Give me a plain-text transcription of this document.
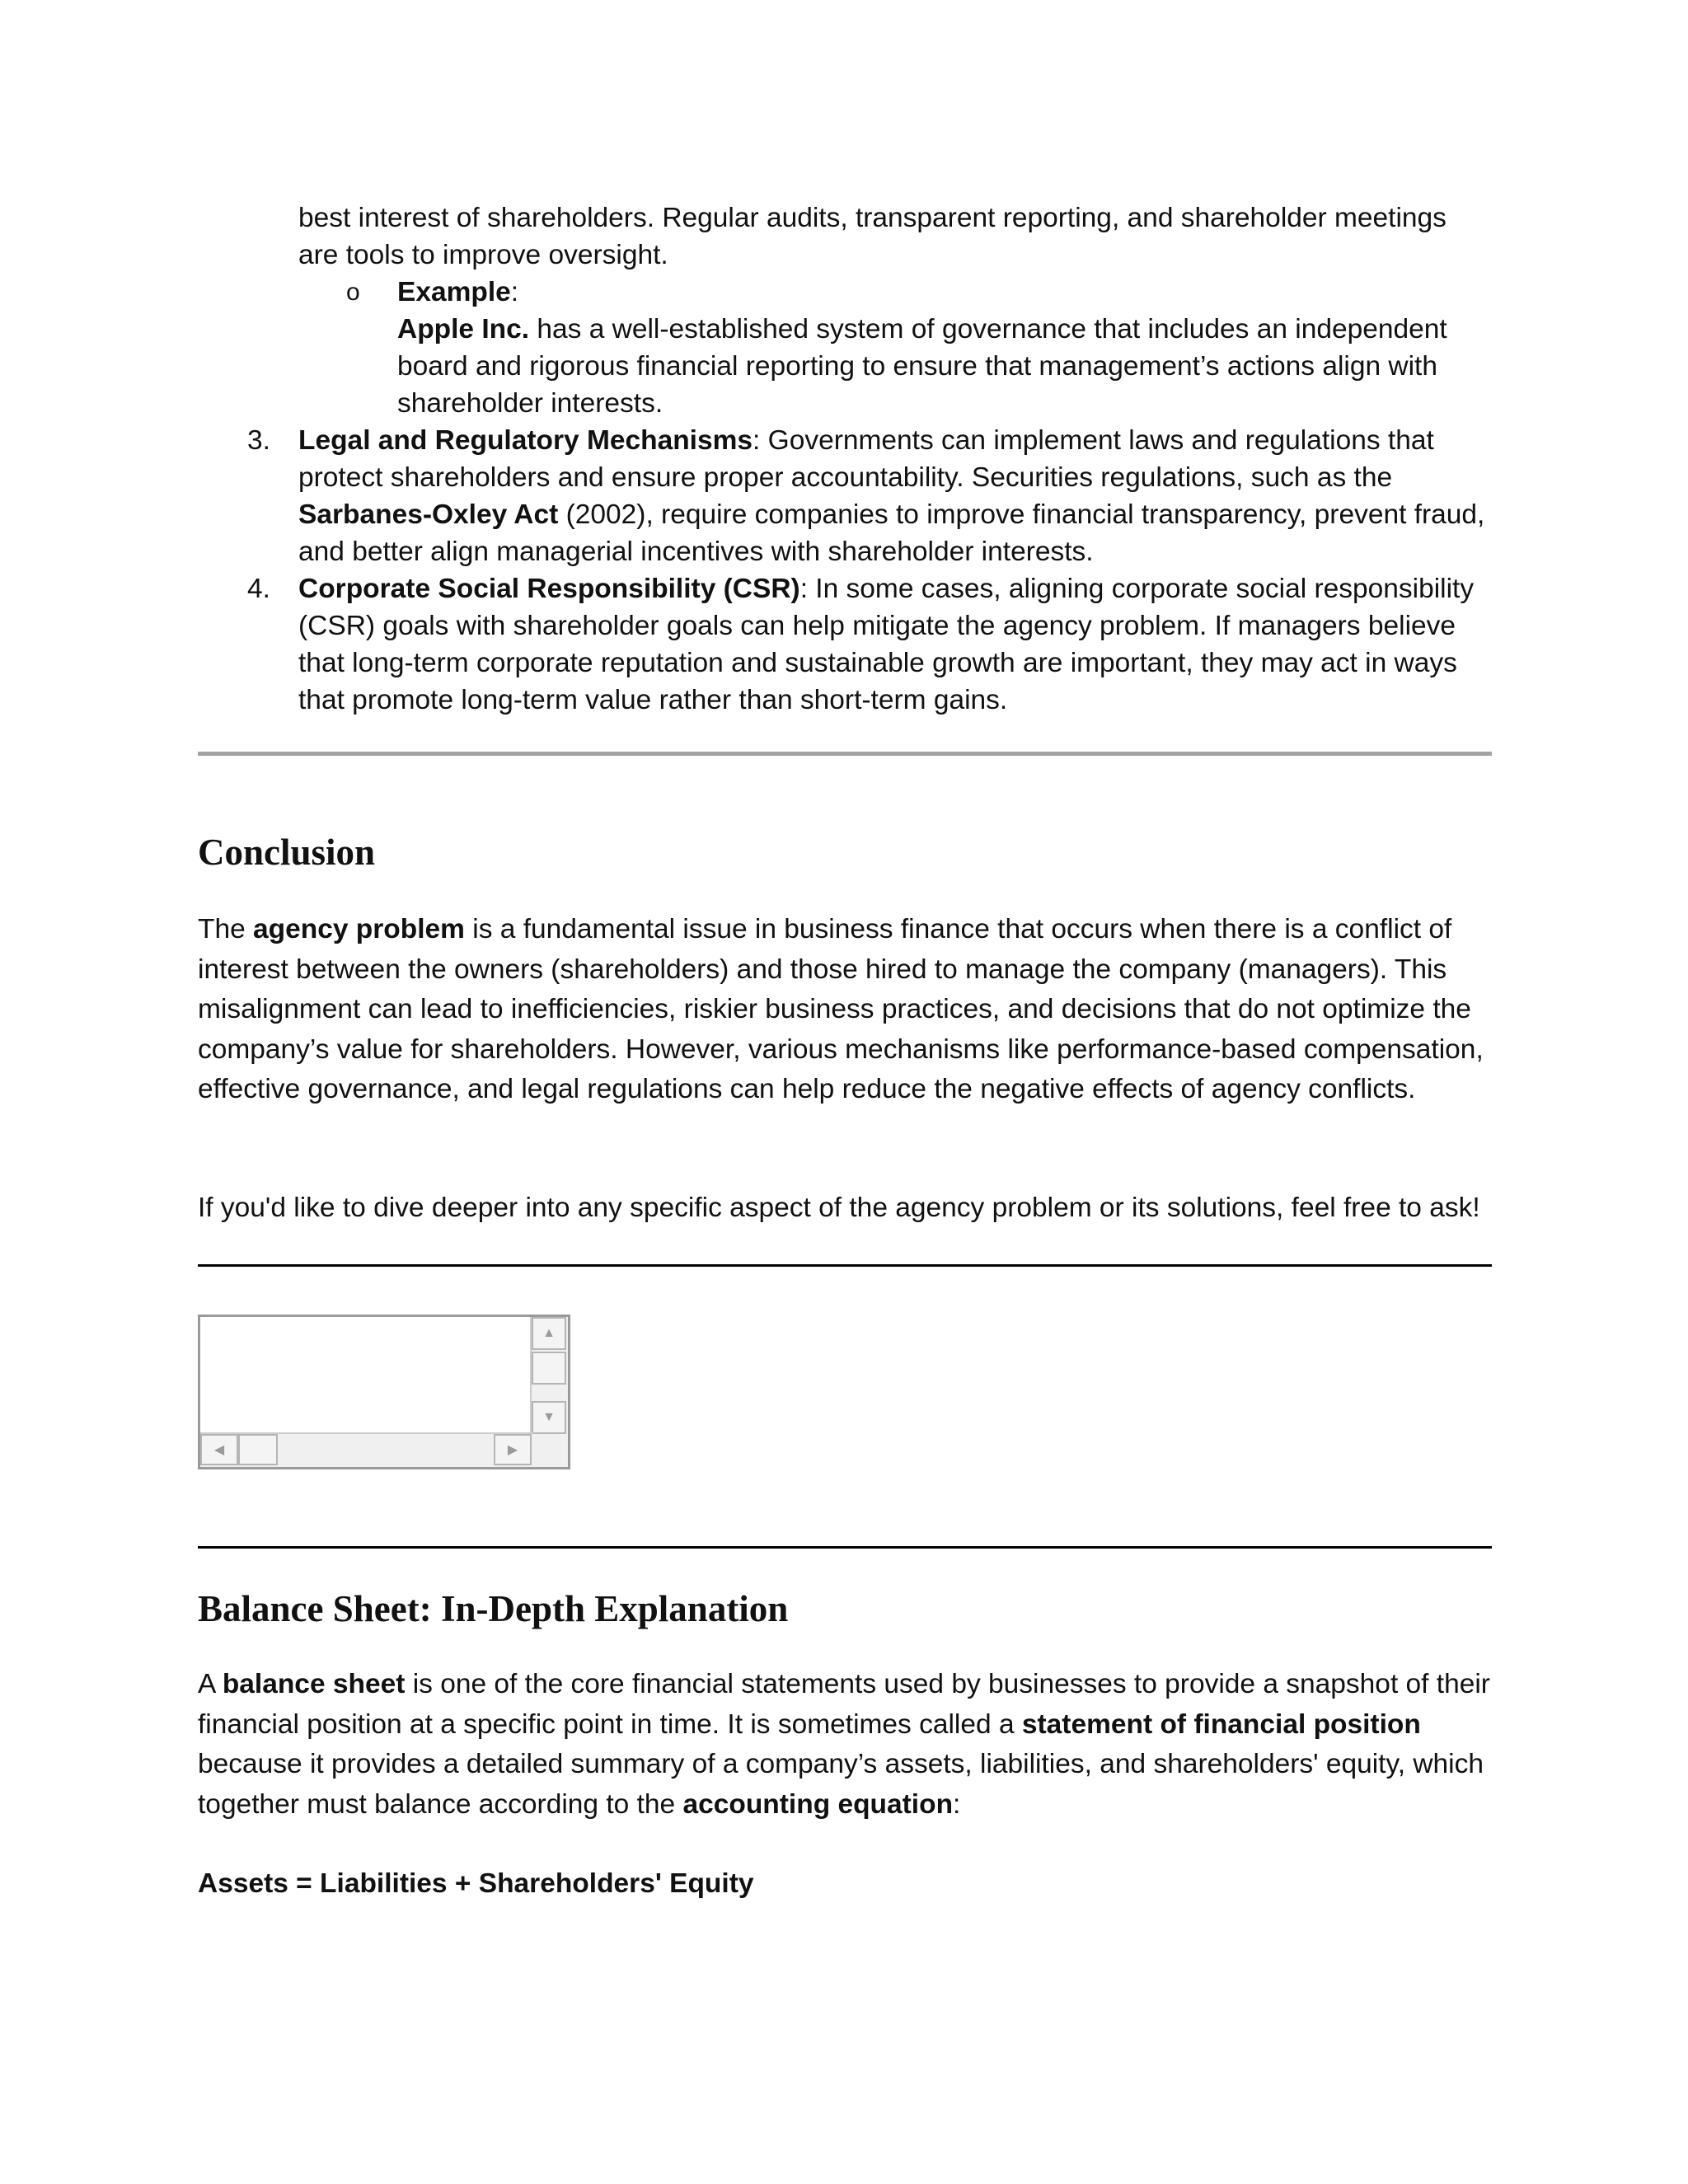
best interest of shareholders. Regular audits, transparent reporting, and shareholder meetings are tools to improve oversight.

o Example:

Apple Inc. has a well-established system of governance that includes an independent board and rigorous financial reporting to ensure that management’s actions align with shareholder interests.

3.	Legal and Regulatory Mechanisms: Governments can implement laws and regulations that protect shareholders and ensure proper accountability. Securities regulations, such as the Sarbanes-Oxley Act (2002), require companies to improve financial transparency, prevent fraud, and better align managerial incentives with shareholder interests.

4.	Corporate Social Responsibility (CSR): In some cases, aligning corporate social responsibility (CSR) goals with shareholder goals can help mitigate the agency problem. If managers believe that long-term corporate reputation and sustainable growth are important, they may act in ways that promote long-term value rather than short-term gains.

Conclusion

The agency problem is a fundamental issue in business finance that occurs when there is a conflict of interest between the owners (shareholders) and those hired to manage the company (managers). This misalignment can lead to inefficiencies, riskier business practices, and decisions that do not optimize the company’s value for shareholders. However, various mechanisms like performance-based compensation, effective governance, and legal regulations can help reduce the negative effects of agency conflicts.

If you'd like to dive deeper into any specific aspect of the agency problem or its solutions, feel free to ask!

▲
▼
◀	▶
Balance Sheet: In-Depth Explanation

A balance sheet is one of the core financial statements used by businesses to provide a snapshot of their financial position at a specific point in time. It is sometimes called a statement of financial position because it provides a detailed summary of a company’s assets, liabilities, and shareholders' equity, which together must balance according to the accounting equation:

Assets = Liabilities + Shareholders' Equity
